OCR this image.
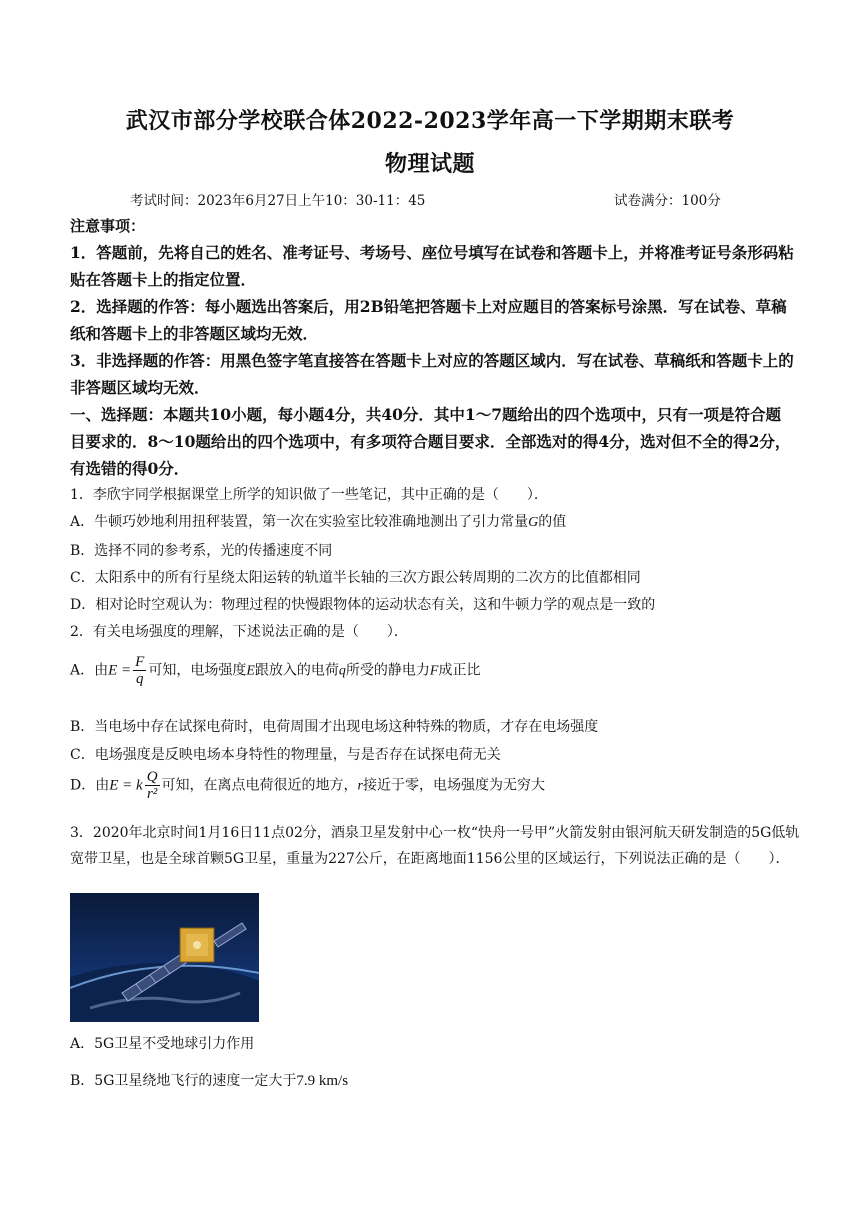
武汉市部分学校联合体2022-2023学年高一下学期期末联考
物理试题
考试时间：2023年6月27日上午10：30-11：45	试卷满分：100分
注意事项：

1．答题前，先将自己的姓名、准考证号、考场号、座位号填写在试卷和答题卡上，并将准考证号条形码粘贴在答题卡上的指定位置．

2．选择题的作答：每小题选出答案后，用2B铅笔把答题卡上对应题目的答案标号涂黑．写在试卷、草稿纸和答题卡上的非答题区域均无效．

3．非选择题的作答：用黑色签字笔直接答在答题卡上对应的答题区域内．写在试卷、草稿纸和答题卡上的非答题区域均无效．

一、选择题：本题共10小题，每小题4分，共40分．其中1～7题给出的四个选项中，只有一项是符合题目要求的．8～10题给出的四个选项中，有多项符合题目要求．全部选对的得4分，选对但不全的得2分，有选错的得0分．

1．李欣宇同学根据课堂上所学的知识做了一些笔记，其中正确的是（　　）．
A．牛顿巧妙地利用扭秤装置，第一次在实验室比较准确地测出了引力常量G的值
B．选择不同的参考系，光的传播速度不同
C．太阳系中的所有行星绕太阳运转的轨道半长轴的三次方跟公转周期的二次方的比值都相同
D．相对论时空观认为：物理过程的快慢跟物体的运动状态有关，这和牛顿力学的观点是一致的
2．有关电场强度的理解，下述说法正确的是（　　）．
A．由$E = \frac{F}{q}$ 可知，电场强度E跟放入的电荷q所受的静电力F成正比
B．当电场中存在试探电荷时，电荷周围才出现电场这种特殊的物质，才存在电场强度
C．电场强度是反映电场本身特性的物理量，与是否存在试探电荷无关
D．由E = k $\frac{Q}{\text{r²}}$ 可知，在离点电荷很近的地方，r接近于零，电场强度为无穷大

3．2020年北京时间1月16日11点02分，酒泉卫星发射中心一枚“快舟一号甲”火箭发射由银河航天研发制造的5G低轨宽带卫星，也是全球首颗5G卫星，重量为227公斤，在距离地面1156公里的区域运行，下列说法正确的是（　　）．

A．5G卫星不受地球引力作用
B．5G卫星绕地飞行的速度一定大于7.9 km/s
